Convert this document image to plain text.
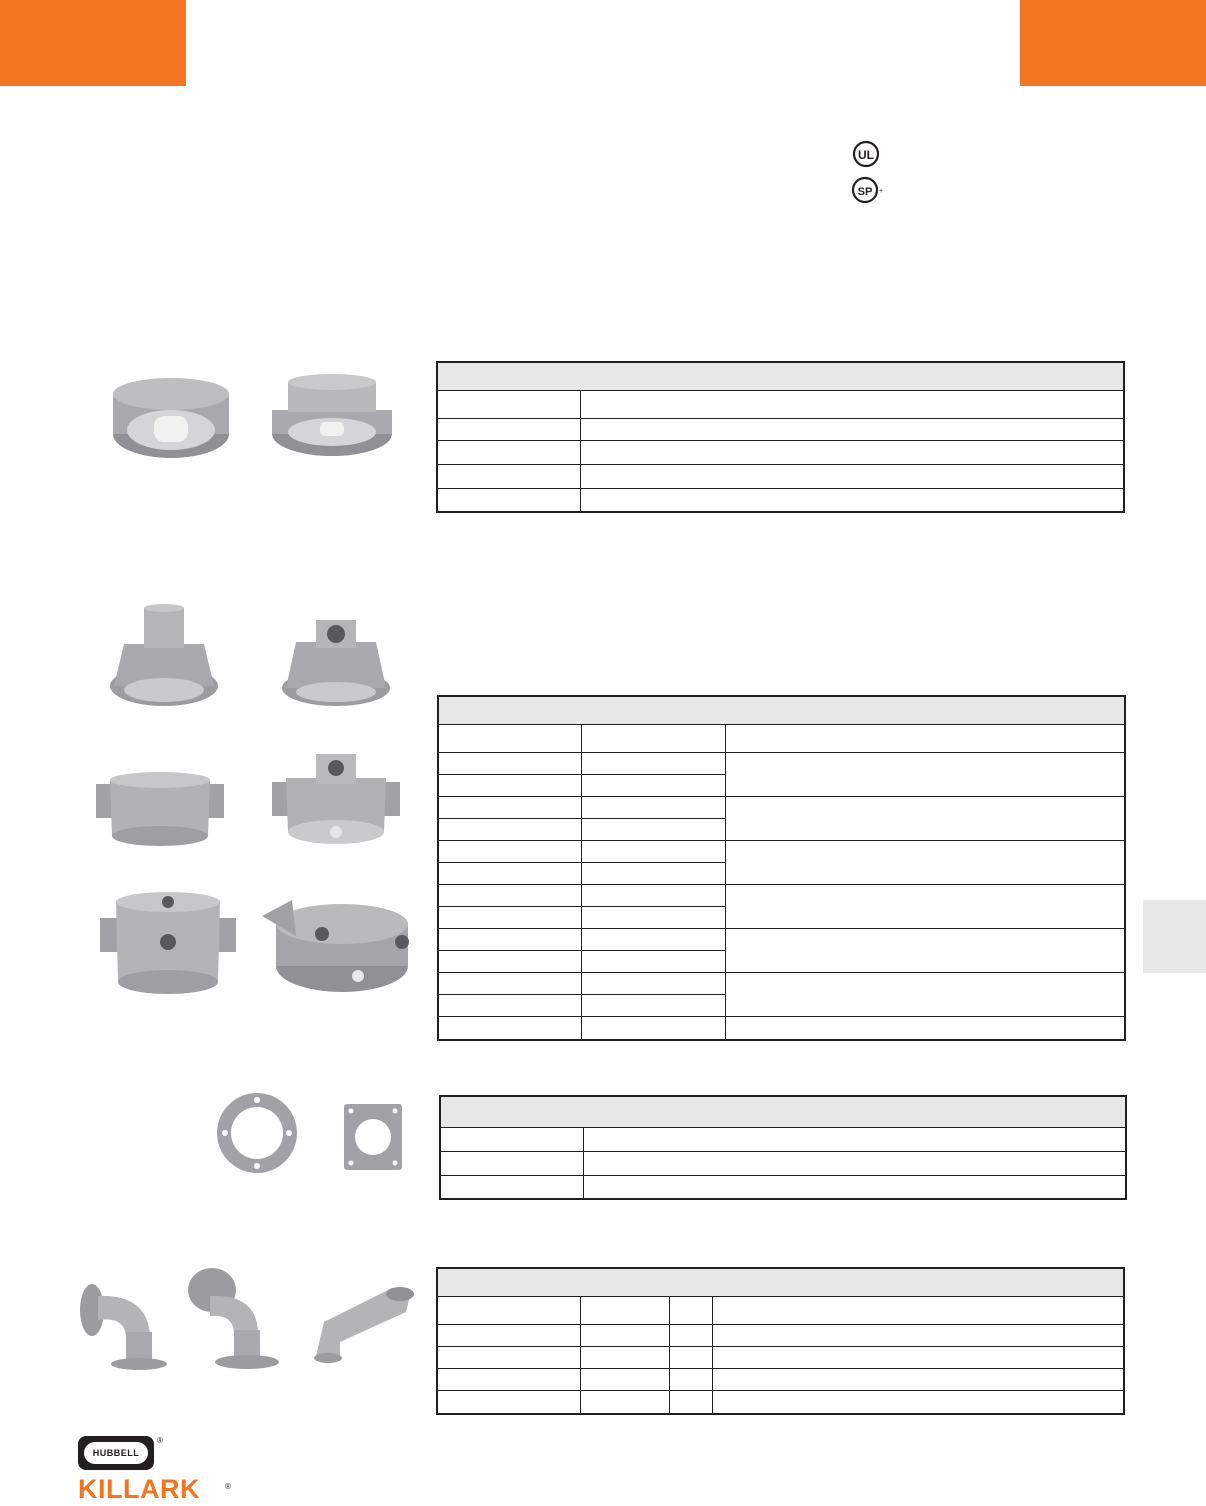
UL
SP +

HUBBELL
®
KILLARK	®
